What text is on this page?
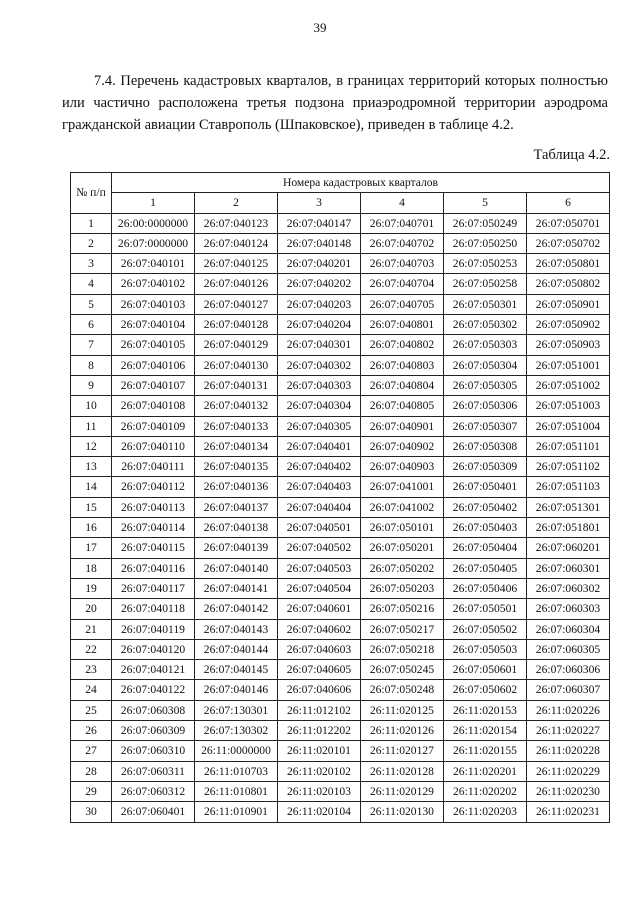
39

7.4. Перечень кадастровых кварталов, в границах территорий которых полностью или частично расположена третья подзона приаэродромной территории аэродрома гражданской авиации Ставрополь (Шпаковское), приведен в таблице 4.2.

Таблица 4.2.
№ п/п	Номера кадастровых кварталов					
	1	2	3	4	5	6
1	26:00:0000000	26:07:040123	26:07:040147	26:07:040701	26:07:050249	26:07:050701
2	26:07:0000000	26:07:040124	26:07:040148	26:07:040702	26:07:050250	26:07:050702
3	26:07:040101	26:07:040125	26:07:040201	26:07:040703	26:07:050253	26:07:050801
4	26:07:040102	26:07:040126	26:07:040202	26:07:040704	26:07:050258	26:07:050802
5	26:07:040103	26:07:040127	26:07:040203	26:07:040705	26:07:050301	26:07:050901
6	26:07:040104	26:07:040128	26:07:040204	26:07:040801	26:07:050302	26:07:050902
7	26:07:040105	26:07:040129	26:07:040301	26:07:040802	26:07:050303	26:07:050903
8	26:07:040106	26:07:040130	26:07:040302	26:07:040803	26:07:050304	26:07:051001
9	26:07:040107	26:07:040131	26:07:040303	26:07:040804	26:07:050305	26:07:051002
10	26:07:040108	26:07:040132	26:07:040304	26:07:040805	26:07:050306	26:07:051003
11	26:07:040109	26:07:040133	26:07:040305	26:07:040901	26:07:050307	26:07:051004
12	26:07:040110	26:07:040134	26:07:040401	26:07:040902	26:07:050308	26:07:051101
13	26:07:040111	26:07:040135	26:07:040402	26:07:040903	26:07:050309	26:07:051102
14	26:07:040112	26:07:040136	26:07:040403	26:07:041001	26:07:050401	26:07:051103
15	26:07:040113	26:07:040137	26:07:040404	26:07:041002	26:07:050402	26:07:051301
16	26:07:040114	26:07:040138	26:07:040501	26:07:050101	26:07:050403	26:07:051801
17	26:07:040115	26:07:040139	26:07:040502	26:07:050201	26:07:050404	26:07:060201
18	26:07:040116	26:07:040140	26:07:040503	26:07:050202	26:07:050405	26:07:060301
19	26:07:040117	26:07:040141	26:07:040504	26:07:050203	26:07:050406	26:07:060302
20	26:07:040118	26:07:040142	26:07:040601	26:07:050216	26:07:050501	26:07:060303
21	26:07:040119	26:07:040143	26:07:040602	26:07:050217	26:07:050502	26:07:060304
22	26:07:040120	26:07:040144	26:07:040603	26:07:050218	26:07:050503	26:07:060305
23	26:07:040121	26:07:040145	26:07:040605	26:07:050245	26:07:050601	26:07:060306
24	26:07:040122	26:07:040146	26:07:040606	26:07:050248	26:07:050602	26:07:060307
25	26:07:060308	26:07:130301	26:11:012102	26:11:020125	26:11:020153	26:11:020226
26	26:07:060309	26:07:130302	26:11:012202	26:11:020126	26:11:020154	26:11:020227
27	26:07:060310	26:11:0000000	26:11:020101	26:11:020127	26:11:020155	26:11:020228
28	26:07:060311	26:11:010703	26:11:020102	26:11:020128	26:11:020201	26:11:020229
29	26:07:060312	26:11:010801	26:11:020103	26:11:020129	26:11:020202	26:11:020230
30	26:07:060401	26:11:010901	26:11:020104	26:11:020130	26:11:020203	26:11:020231
